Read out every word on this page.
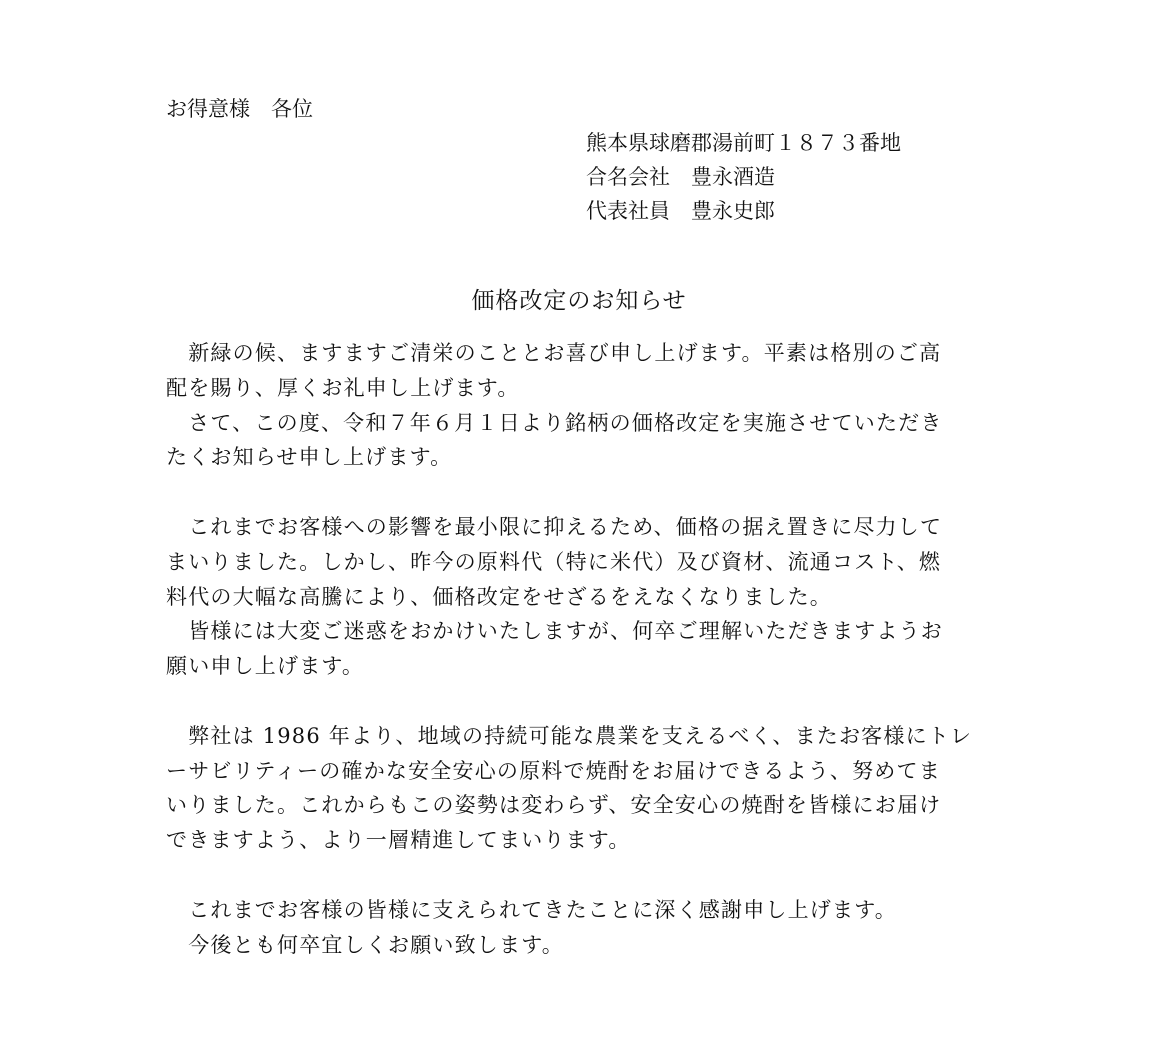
お得意様　各位
熊本県球磨郡湯前町１８７３番地
合名会社　豊永酒造
代表社員　豊永史郎
価格改定のお知らせ
　新緑の候、ますますご清栄のこととお喜び申し上げます。平素は格別のご高
配を賜り、厚くお礼申し上げます。
　さて、この度、令和７年６月１日より銘柄の価格改定を実施させていただき
たくお知らせ申し上げます。
　これまでお客様への影響を最小限に抑えるため、価格の据え置きに尽力して
まいりました。しかし、昨今の原料代（特に米代）及び資材、流通コスト、燃
料代の大幅な高騰により、価格改定をせざるをえなくなりました。
　皆様には大変ご迷惑をおかけいたしますが、何卒ご理解いただきますようお
願い申し上げます。
　弊社は 1986 年より、地域の持続可能な農業を支えるべく、またお客様にトレ
ーサビリティーの確かな安全安心の原料で焼酎をお届けできるよう、努めてま
いりました。これからもこの姿勢は変わらず、安全安心の焼酎を皆様にお届け
できますよう、より一層精進してまいります。
　これまでお客様の皆様に支えられてきたことに深く感謝申し上げます。
　今後とも何卒宜しくお願い致します。
